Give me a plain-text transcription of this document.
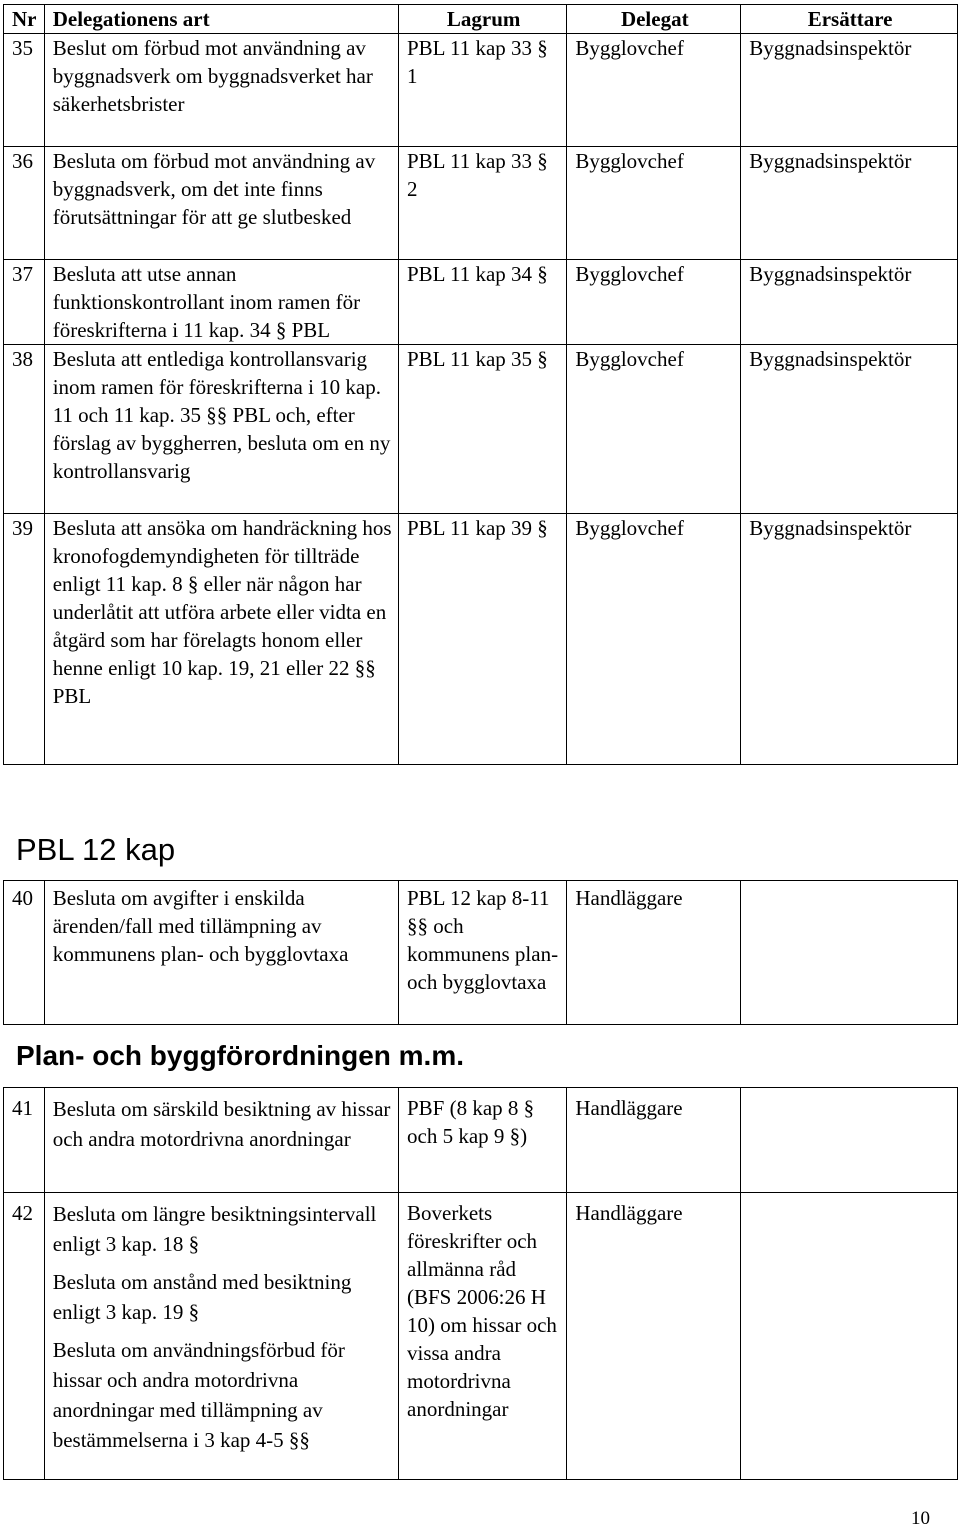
Nr	Delegationens art	Lagrum	Delegat	Ersättare
35	Beslut om förbud mot användning av byggnadsverk om byggnadsverket har säkerhetsbrister	PBL 11 kap 33 § 1	Bygglovchef	Byggnadsinspektör
36	Besluta om förbud mot användning av byggnadsverk, om det inte finns förutsättningar för att ge slutbesked	PBL 11 kap 33 § 2	Bygglovchef	Byggnadsinspektör
37	Besluta att utse annan funktionskontrollant inom ramen för föreskrifterna i 11 kap. 34 § PBL	PBL 11 kap 34 §	Bygglovchef	Byggnadsinspektör
38	Besluta att entlediga kontrollansvarig inom ramen för föreskrifterna i 10 kap. 11 och 11 kap. 35 §§ PBL och, efter förslag av byggherren, besluta om en ny kontrollansvarig	PBL 11 kap 35 §	Bygglovchef	Byggnadsinspektör
39	Besluta att ansöka om handräckning hos kronofogdemyndigheten för tillträde enligt 11 kap. 8 § eller när någon har underlåtit att utföra arbete eller vidta en åtgärd som har förelagts honom eller henne enligt 10 kap. 19, 21 eller 22 §§ PBL	PBL 11 kap 39 §	Bygglovchef	Byggnadsinspektör
PBL 12 kap
40	Besluta om avgifter i enskilda ärenden/fall med tillämpning av kommunens plan- och bygglovtaxa	PBL 12 kap 8-11 §§ och kommunens plan- och bygglovtaxa	Handläggare	
Plan- och byggförordningen m.m.
41	Besluta om särskild besiktning av hissar och andra motordrivna anordningar	PBF (8 kap 8 § och 5 kap 9 §)	Handläggare	
42	Besluta om längre besiktningsintervall enligt 3 kap. 18 §
Besluta om anstånd med besiktning enligt 3 kap. 19 §
Besluta om användningsförbud för hissar och andra motordrivna anordningar med tillämpning av bestämmelserna i 3 kap 4-5 §§	Boverkets föreskrifter och allmänna råd (BFS 2006:26 H 10) om hissar och vissa andra motordrivna anordningar	Handläggare	
10
